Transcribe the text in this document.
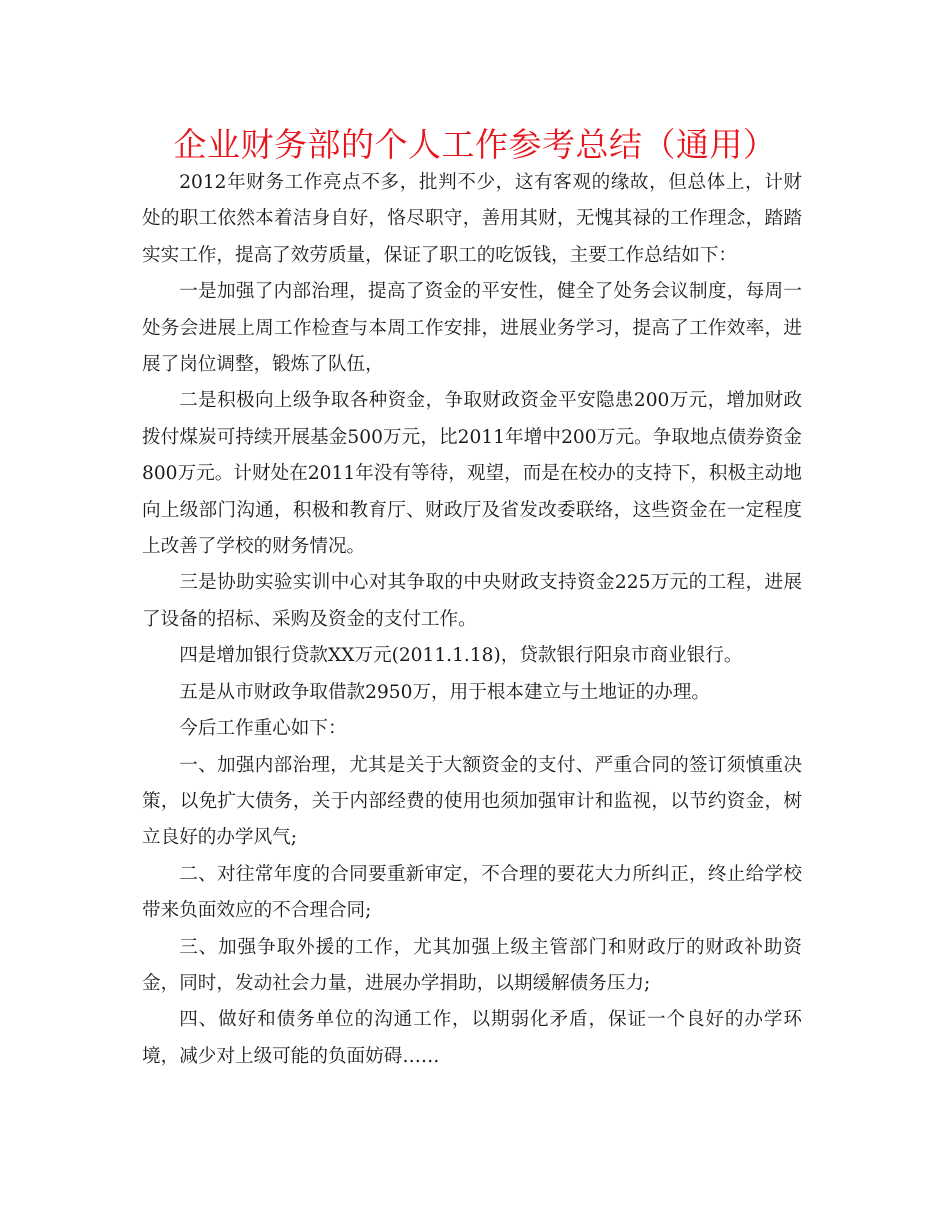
企业财务部的个人工作参考总结（通用）

2012年财务工作亮点不多，批判不少，这有客观的缘故，但总体上，计财处的职工依然本着洁身自好，恪尽职守，善用其财，无愧其禄的工作理念，踏踏实实工作，提高了效劳质量，保证了职工的吃饭钱，主要工作总结如下：

一是加强了内部治理，提高了资金的平安性，健全了处务会议制度，每周一处务会进展上周工作检查与本周工作安排，进展业务学习，提高了工作效率，进展了岗位调整，锻炼了队伍，

二是积极向上级争取各种资金，争取财政资金平安隐患200万元，增加财政拨付煤炭可持续开展基金500万元，比2011年增中200万元。争取地点债券资金800万元。计财处在2011年没有等待，观望，而是在校办的支持下，积极主动地向上级部门沟通，积极和教育厅、财政厅及省发改委联络，这些资金在一定程度上改善了学校的财务情况。

三是协助实验实训中心对其争取的中央财政支持资金225万元的工程，进展了设备的招标、采购及资金的支付工作。

四是增加银行贷款XX万元(2011.1.18)，贷款银行阳泉市商业银行。

五是从市财政争取借款2950万，用于根本建立与土地证的办理。

今后工作重心如下：

一、加强内部治理，尤其是关于大额资金的支付、严重合同的签订须慎重决策，以免扩大债务，关于内部经费的使用也须加强审计和监视，以节约资金，树立良好的办学风气;

二、对往常年度的合同要重新审定，不合理的要花大力所纠正，终止给学校带来负面效应的不合理合同;

三、加强争取外援的工作，尤其加强上级主管部门和财政厅的财政补助资金，同时，发动社会力量，进展办学捐助，以期缓解债务压力;

四、做好和债务单位的沟通工作，以期弱化矛盾，保证一个良好的办学环境，减少对上级可能的负面妨碍……
